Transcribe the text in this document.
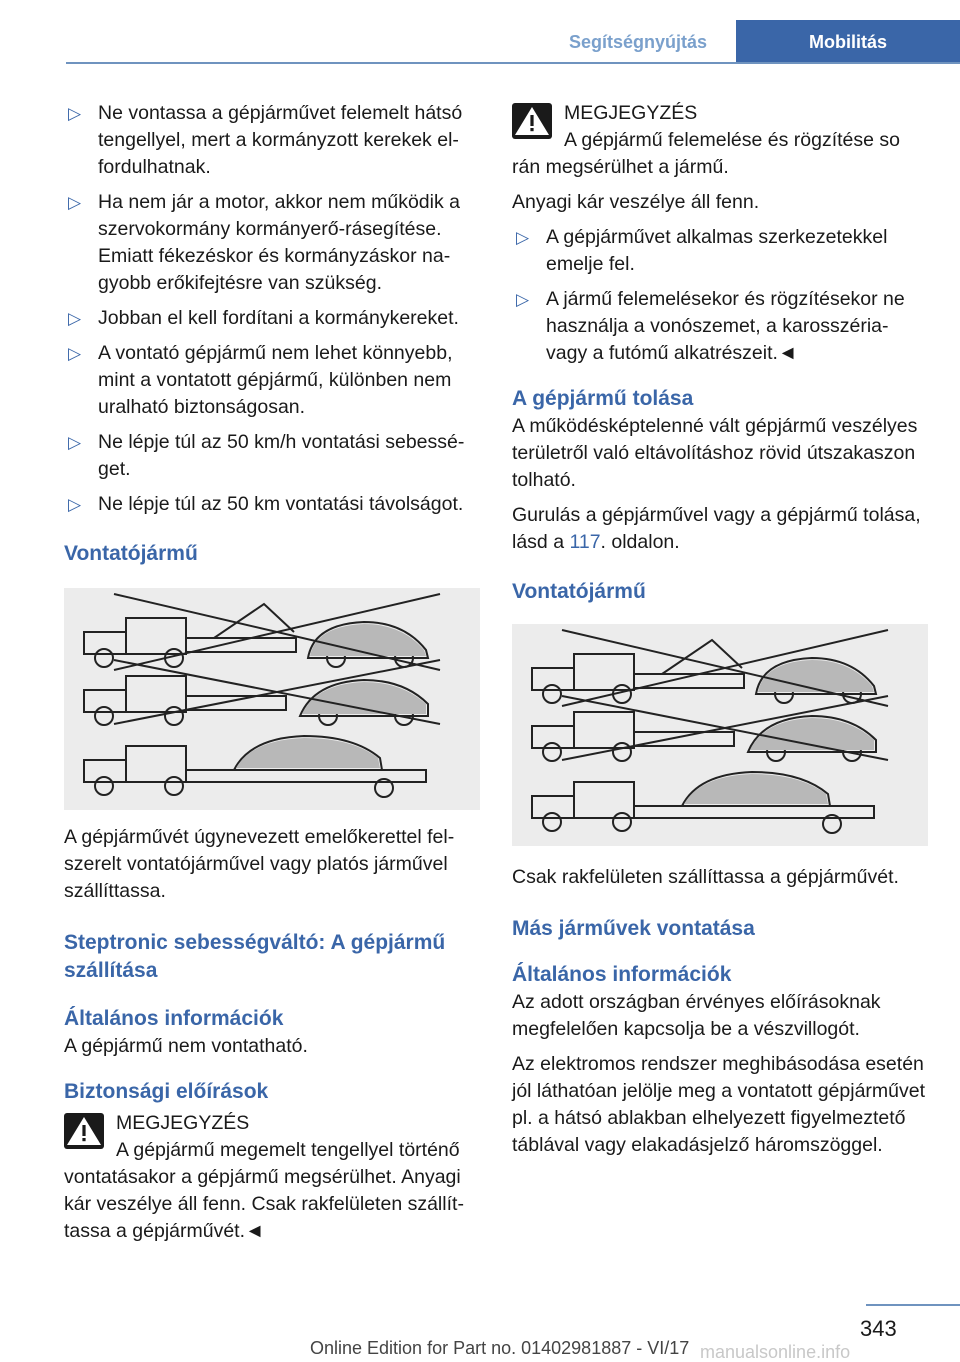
Segítségnyújtás	Mobilitás
▷ Ne vontassa a gépjárművet felemelt hátsó tengellyel, mert a kormányzott kerekek elfordulhatnak.
▷ Ha nem jár a motor, akkor nem működik a szervokormány kormányerő-rásegítése. Emiatt fékezéskor és kormányzáskor nagyobb erőkifejtésre van szükség.
▷ Jobban el kell fordítani a kormánykereket.
▷ A vontató gépjármű nem lehet könnyebb, mint a vontatott gépjármű, különben nem uralható biztonságosan.
▷ Ne lépje túl az 50 km/h vontatási sebességet.
▷ Ne lépje túl az 50 km vontatási távolságot.
Vontatójármű
A gépjárművét úgynevezett emelőkerettel felszerelt vontatójárművel vagy platós járművel szállíttassa.
Steptronic sebességváltó: A gépjármű szállítása
Általános információk
A gépjármű nem vontatható.
Biztonsági előírások
MEGJEGYZÉS
A gépjármű megemelt tengellyel történő
vontatásakor a gépjármű megsérülhet. Anyagi kár veszélye áll fenn. Csak rakfelületen szállíttassa a gépjárművét.◄
MEGJEGYZÉS
A gépjármű felemelése és rögzítése so
rán megsérülhet a jármű.
Anyagi kár veszélye áll fenn.
▷ A gépjárművet alkalmas szerkezetekkel emelje fel.
▷ A jármű felemelésekor és rögzítésekor ne használja a vonószemet, a karosszéria- vagy a futómű alkatrészeit.◄
A gépjármű tolása
A működésképtelenné vált gépjármű veszélyes területről való eltávolításhoz rövid útszakaszon tolható.
Gurulás a gépjárművel vagy a gépjármű tolása, lásd a 117. oldalon.
Vontatójármű
Csak rakfelületen szállíttassa a gépjárművét.
Más járművek vontatása
Általános információk
Az adott országban érvényes előírásoknak megfelelően kapcsolja be a vészvillogót.
Az elektromos rendszer meghibásodása esetén jól láthatóan jelölje meg a vontatott gépjárművet pl. a hátsó ablakban elhelyezett figyelmeztető táblával vagy elakadásjelző háromszöggel.
343
Online Edition for Part no. 01402981887 - VI/17 manualsonline.info
